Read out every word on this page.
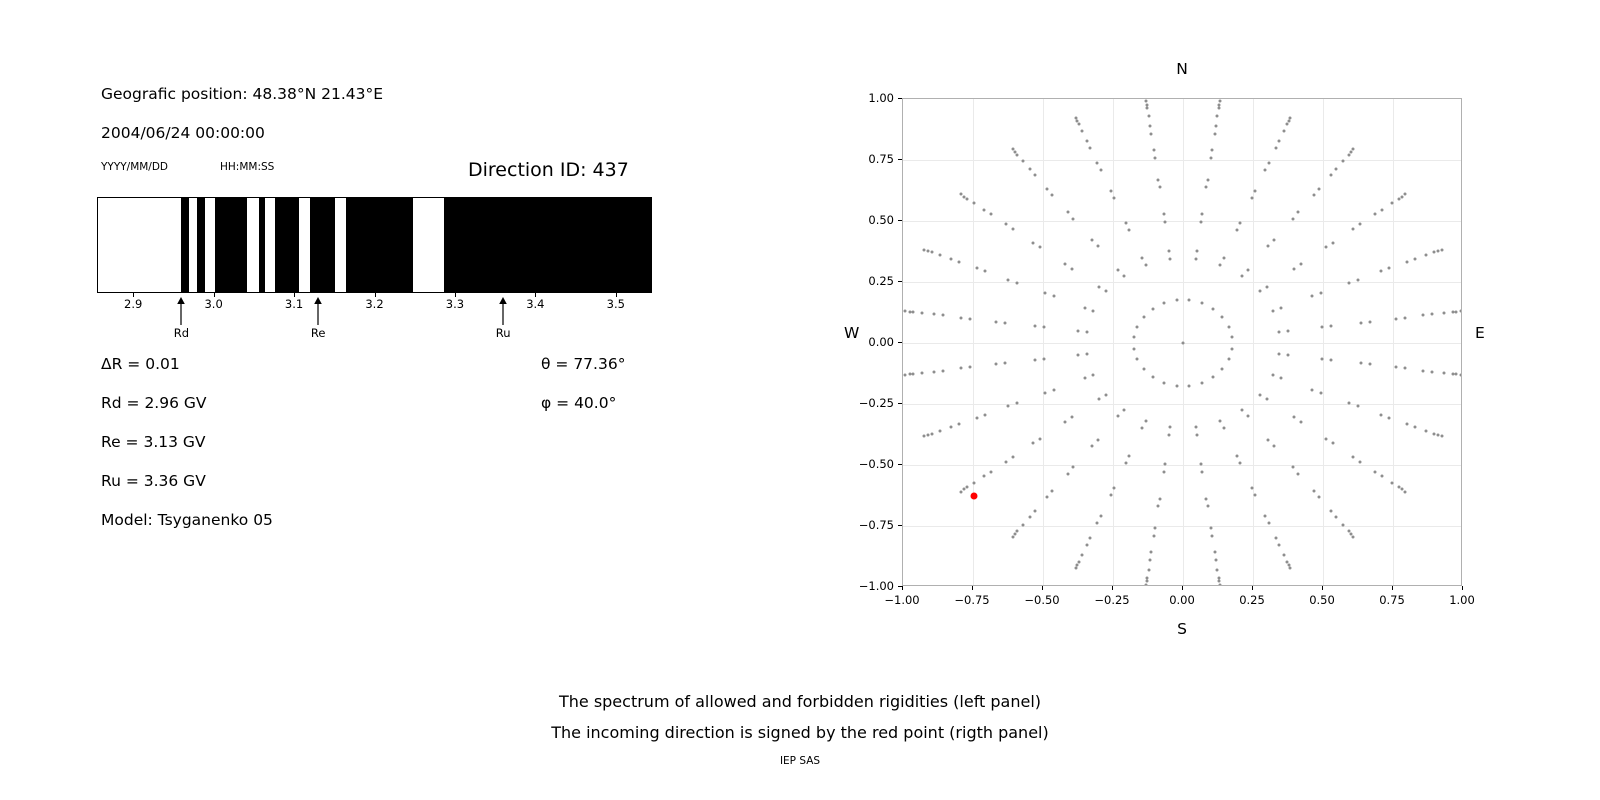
Geografic position: 48.38°N 21.43°E
2004/06/24 00:00:00
YYYY/MM/DD	HH:MM:SS	Direction ID: 437
2.9	3.0	3.1	3.2	3.3	3.4	3.5
Rd	Re	Ru
ΔR = 0.01
Rd = 2.96 GV
Re = 3.13 GV
Ru = 3.36 GV
Model: Tsyganenko 05
θ = 77.36°
φ = 40.0°
N
S
W	E
−1.00	−0.75	−0.50	−0.25	0.00	0.25	0.50	0.75	1.00
−1.00
−0.75
−0.50
−0.25
0.00
0.25
0.50
0.75
1.00
The spectrum of allowed and forbidden rigidities (left panel)
The incoming direction is signed by the red point (rigth panel)
IEP SAS
